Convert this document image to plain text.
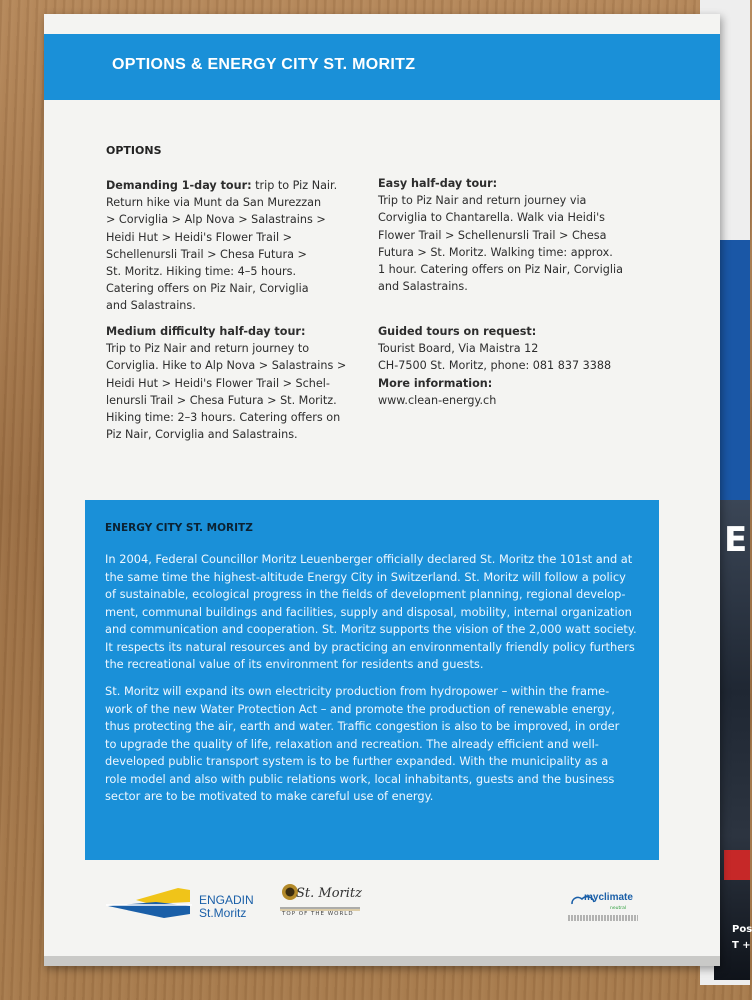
E
Pos
T +
OPTIONS & ENERGY CITY ST. MORITZ
OPTIONS
Demanding 1-day tour: trip to Piz Nair.
Return hike via Munt da San Murezzan
> Corviglia > Alp Nova > Salastrains >
Heidi Hut > Heidi's Flower Trail >
Schellenursli Trail > Chesa Futura >
St. Moritz. Hiking time: 4–5 hours.
Catering offers on Piz Nair, Corviglia
and Salastrains.
Medium difficulty half-day tour:
Trip to Piz Nair and return journey to
Corviglia. Hike to Alp Nova > Salastrains >
Heidi Hut > Heidi's Flower Trail > Schel-
lenursli Trail > Chesa Futura > St. Moritz.
Hiking time: 2–3 hours. Catering offers on
Piz Nair, Corviglia and Salastrains.
Easy half-day tour:
Trip to Piz Nair and return journey via
Corviglia to Chantarella. Walk via Heidi's
Flower Trail > Schellenursli Trail > Chesa
Futura > St. Moritz. Walking time: approx.
1 hour. Catering offers on Piz Nair, Corviglia
and Salastrains.
Guided tours on request:
Tourist Board, Via Maistra 12
CH-7500 St. Moritz, phone: 081 837 3388
More information:
www.clean-energy.ch
ENERGY CITY ST. MORITZ

In 2004, Federal Councillor Moritz Leuenberger officially declared St. Moritz the 101st and at
the same time the highest-altitude Energy City in Switzerland. St. Moritz will follow a policy
of sustainable, ecological progress in the fields of development planning, regional develop-
ment, communal buildings and facilities, supply and disposal, mobility, internal organization
and communication and cooperation. St. Moritz supports the vision of the 2,000 watt society.
It respects its natural resources and by practicing an environmentally friendly policy furthers
the recreational value of its environment for residents and guests.

St. Moritz will expand its own electricity production from hydropower – within the frame-
work of the new Water Protection Act – and promote the production of renewable energy,
thus protecting the air, earth and water. Traffic congestion is also to be improved, in order
to upgrade the quality of life, relaxation and recreation. The already efficient and well-
developed public transport system is to be further expanded. With the municipality as a
role model and also with public relations work, local inhabitants, guests and the business
sector are to be motivated to make careful use of energy.

ENGADIN
St.Moritz
St. Moritz
TOP OF THE WORLD
myclimate
neutral
